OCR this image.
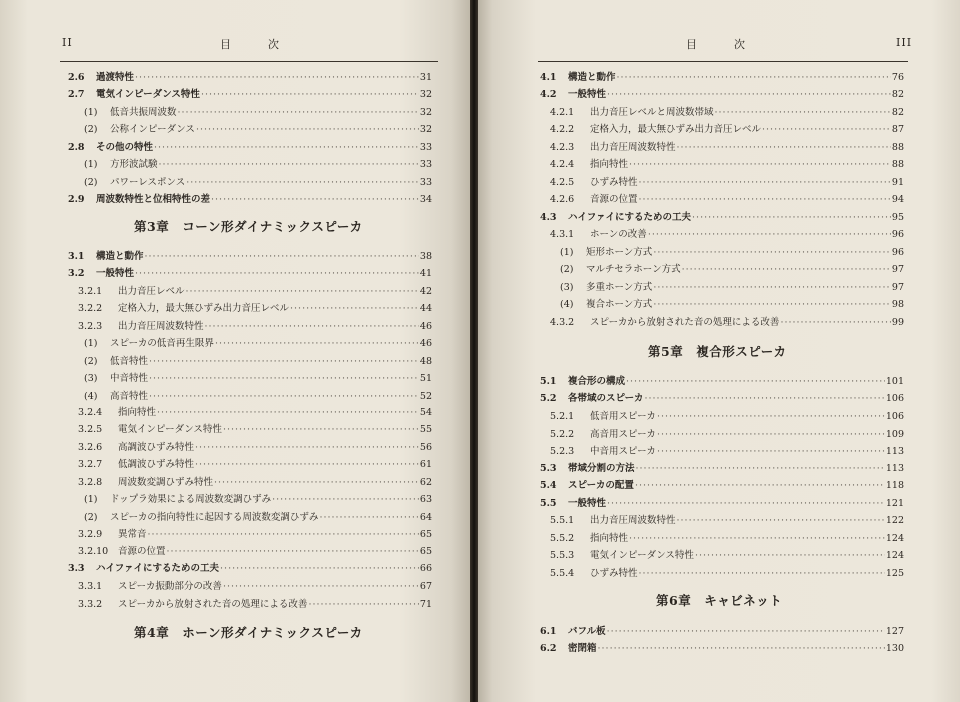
II	目　　　次
2.6	過渡特性 ·····	31
2.7	電気インピーダンス特性 ·····	32
(1)	低音共振周波数 ·····	32
(2)	公称インピーダンス ·····	32
2.8	その他の特性 ·····	33
(1)	方形波試験 ·····	33
(2)	パワーレスポンス ·····	33
2.9	周波数特性と位相特性の差 ·····	34
第3章　コーン形ダイナミックスピーカ
3.1	構造と動作 ·····	38
3.2	一般特性 ·····	41
3.2.1	出力音圧レベル ·····	42
3.2.2	定格入力，最大無ひずみ出力音圧レベル ·····	44
3.2.3	出力音圧周波数特性 ·····	46
(1)	スピーカの低音再生限界 ·····	46
(2)	低音特性 ·····	48
(3)	中音特性 ·····	51
(4)	高音特性 ·····	52
3.2.4	指向特性 ·····	54
3.2.5	電気インピーダンス特性 ·····	55
3.2.6	高調波ひずみ特性 ·····	56
3.2.7	低調波ひずみ特性 ·····	61
3.2.8	周波数変調ひずみ特性 ·····	62
(1)	ドップラ効果による周波数変調ひずみ ·····	63
(2)	スピーカの指向特性に起因する周波数変調ひずみ ·····	64
3.2.9	異常音 ·····	65
3.2.10	音源の位置 ·····	65
3.3	ハイファイにするための工夫 ·····	66
3.3.1	スピーカ振動部分の改善 ·····	67
3.3.2	スピーカから放射された音の処理による改善 ·····	71
第4章　ホーン形ダイナミックスピーカ
目　　　次	III
4.1	構造と動作 ·····	76
4.2	一般特性 ·····	82
4.2.1	出力音圧レベルと周波数帯域 ·····	82
4.2.2	定格入力，最大無ひずみ出力音圧レベル ·····	87
4.2.3	出力音圧周波数特性 ·····	88
4.2.4	指向特性 ·····	88
4.2.5	ひずみ特性 ·····	91
4.2.6	音源の位置 ·····	94
4.3	ハイファイにするための工夫 ·····	95
4.3.1	ホーンの改善 ·····	96
(1)	矩形ホーン方式 ·····	96
(2)	マルチセラホーン方式 ·····	97
(3)	多重ホーン方式 ·····	97
(4)	複合ホーン方式 ·····	98
4.3.2	スピーカから放射された音の処理による改善 ·····	99
第5章　複合形スピーカ
5.1	複合形の構成 ·····	101
5.2	各帯域のスピーカ ·····	106
5.2.1	低音用スピーカ ·····	106
5.2.2	高音用スピーカ ·····	109
5.2.3	中音用スピーカ ·····	113
5.3	帯域分割の方法 ·····	113
5.4	スピーカの配置 ·····	118
5.5	一般特性 ·····	121
5.5.1	出力音圧周波数特性 ·····	122
5.5.2	指向特性 ·····	124
5.5.3	電気インピーダンス特性 ·····	124
5.5.4	ひずみ特性 ·····	125
第6章　キャビネット
6.1	バフル板 ·····	127
6.2	密閉箱 ·····	130
